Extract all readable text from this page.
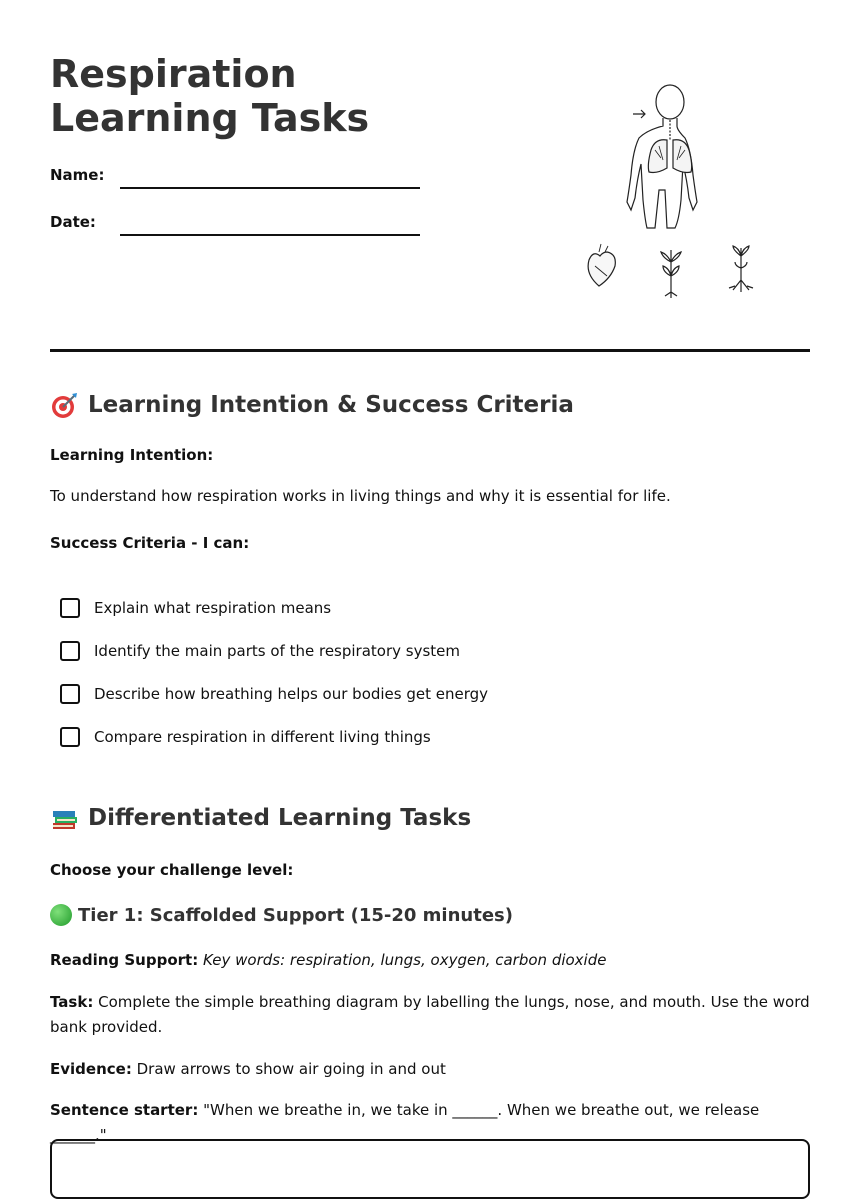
Respiration Learning Tasks
Name:
Date:
Learning Intention & Success Criteria
Learning Intention:
To understand how respiration works in living things and why it is essential for life.
Success Criteria - I can:
Explain what respiration means
Identify the main parts of the respiratory system
Describe how breathing helps our bodies get energy
Compare respiration in different living things
Differentiated Learning Tasks
Choose your challenge level:
Tier 1: Scaffolded Support (15-20 minutes)
Reading Support: Key words: respiration, lungs, oxygen, carbon dioxide
Task: Complete the simple breathing diagram by labelling the lungs, nose, and mouth. Use the word bank provided.
Evidence: Draw arrows to show air going in and out
Sentence starter: "When we breathe in, we take in ______. When we breathe out, we release ______."
